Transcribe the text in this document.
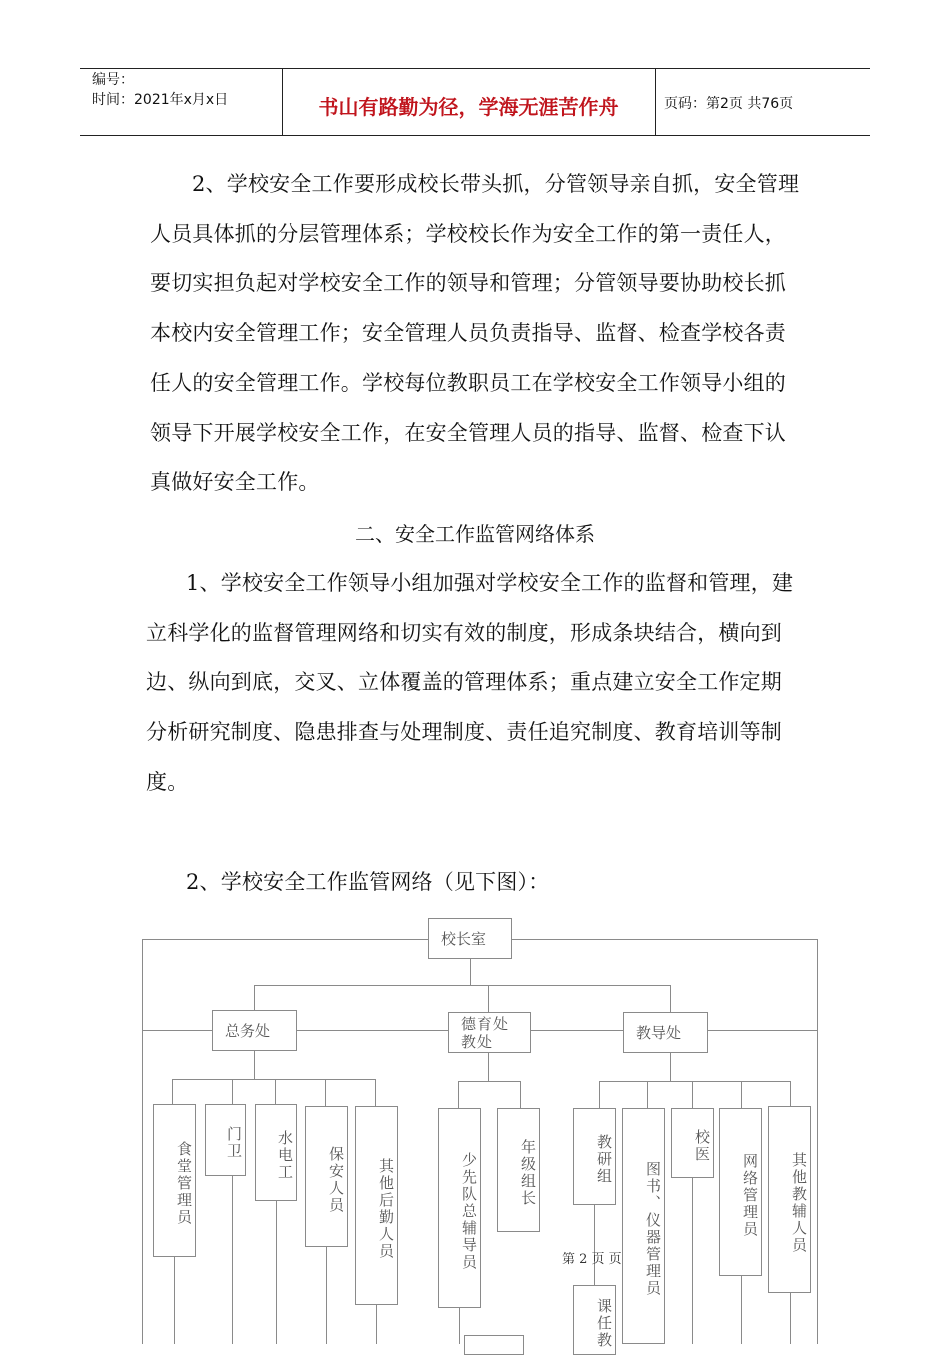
编号：
时间：2021年x月x日	书山有路勤为径，学海无涯苦作舟	页码：第2页 共76页
2、学校安全工作要形成校长带头抓，分管领导亲自抓，安全管理人员具体抓的分层管理体系；学校校长作为安全工作的第一责任人，要切实担负起对学校安全工作的领导和管理；分管领导要协助校长抓本校内安全管理工作；安全管理人员负责指导、监督、检查学校各责任人的安全管理工作。学校每位教职员工在学校安全工作领导小组的领导下开展学校安全工作，在安全管理人员的指导、监督、检查下认真做好安全工作。
二、安全工作监管网络体系
1、学校安全工作领导小组加强对学校安全工作的监督和管理，建立科学化的监督管理网络和切实有效的制度，形成条块结合，横向到边、纵向到底，交叉、立体覆盖的管理体系；重点建立安全工作定期分析研究制度、隐患排查与处理制度、责任追究制度、教育培训等制度。
2、学校安全工作监管网络（见下图）：
校长室
总务处	德育处教处	教导处
食堂管理员	门卫	水电工	保安人员	其他后勤人员	少先队总辅导员	年级组长	教研组
图书、仪器管理员
校医
网络管理员	其他教辅人员
课任教
第 2 页 页
